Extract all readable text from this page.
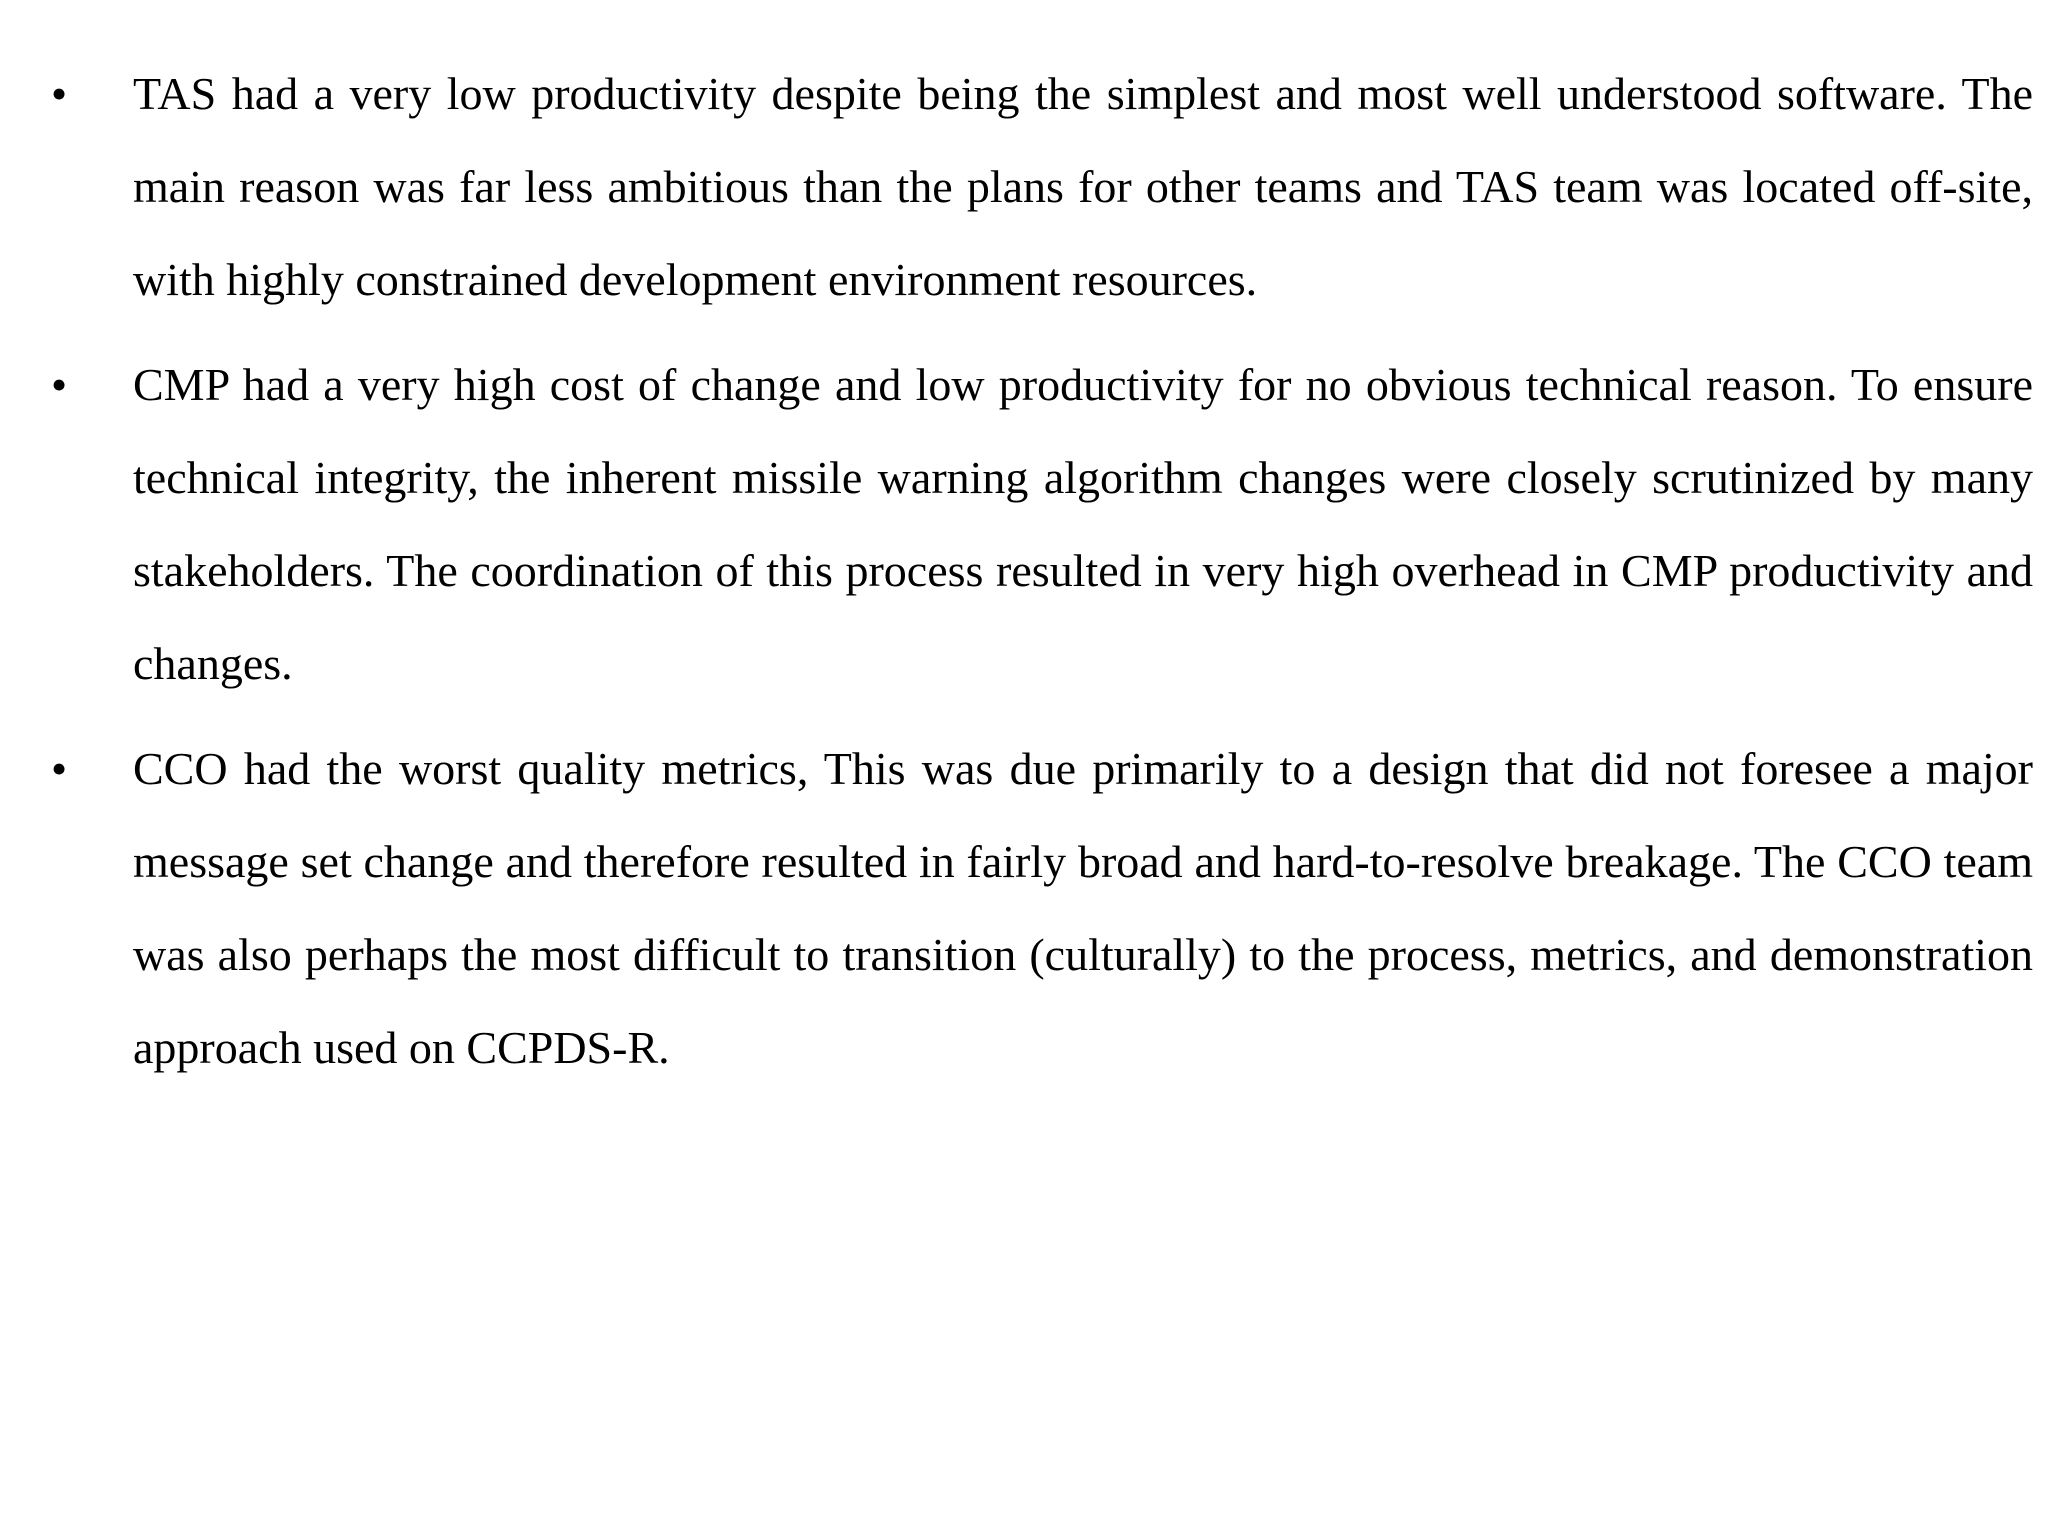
• TAS had a very low productivity despite being the simplest and most well understood software. The main reason was far less ambitious than the plans for other teams and TAS team was located off-site, with highly constrained development environment resources.

• CMP had a very high cost of change and low productivity for no obvious technical reason. To ensure technical integrity, the inherent missile warning algorithm changes were closely scrutinized by many stakeholders. The coordination of this process resulted in very high overhead in CMP productivity and changes.

• CCO had the worst quality metrics, This was due primarily to a design that did not foresee a major message set change and therefore resulted in fairly broad and hard-to-resolve breakage. The CCO team was also perhaps the most difficult to transition (culturally) to the process, metrics, and demonstration approach used on CCPDS-R.
